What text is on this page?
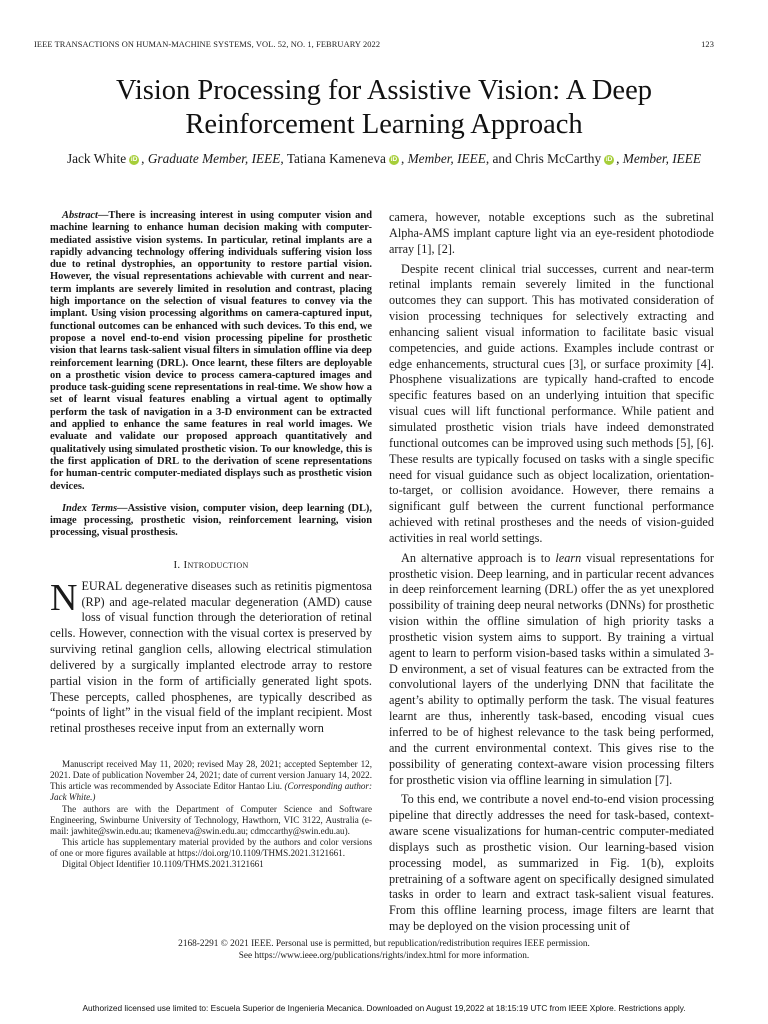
IEEE TRANSACTIONS ON HUMAN-MACHINE SYSTEMS, VOL. 52, NO. 1, FEBRUARY 2022	123
Vision Processing for Assistive Vision: A Deep
Reinforcement Learning Approach
Jack White iD , Graduate Member, IEEE, Tatiana Kameneva iD , Member, IEEE, and Chris McCarthy iD , Member, IEEE

Abstract—There is increasing interest in using computer vision and machine learning to enhance human decision making with computer-mediated assistive vision systems. In particular, retinal implants are a rapidly advancing technology offering individuals suffering vision loss due to retinal dystrophies, an opportunity to restore partial vision. However, the visual representations achievable with current and near-term implants are severely limited in resolution and contrast, placing high importance on the selection of visual features to convey via the implant. Using vision processing algorithms on camera-captured input, functional outcomes can be enhanced with such devices. To this end, we propose a novel end-to-end vision processing pipeline for prosthetic vision that learns task-salient visual filters in simulation offline via deep reinforcement learning (DRL). Once learnt, these filters are deployable on a prosthetic vision device to process camera-captured images and produce task-guiding scene representations in real-time. We show how a set of learnt visual features enabling a virtual agent to optimally perform the task of navigation in a 3-D environment can be extracted and applied to enhance the same features in real world images. We evaluate and validate our proposed approach quantitatively and qualitatively using simulated prosthetic vision. To our knowledge, this is the first application of DRL to the derivation of scene representations for human-centric computer-mediated displays such as prosthetic vision devices.

Index Terms—Assistive vision, computer vision, deep learning (DL), image processing, prosthetic vision, reinforcement learning, vision processing, visual prosthesis.

I. Introduction

NEURAL degenerative diseases such as retinitis pigmentosa (RP) and age-related macular degeneration (AMD) cause loss of visual function through the deterioration of retinal cells. However, connection with the visual cortex is preserved by surviving retinal ganglion cells, allowing electrical stimulation delivered by a surgically implanted electrode array to restore partial vision in the form of artificially generated light spots. These percepts, called phosphenes, are typically described as “points of light” in the visual field of the implant recipient. Most retinal prostheses receive input from an externally worn

Manuscript received May 11, 2020; revised May 28, 2021; accepted September 12, 2021. Date of publication November 24, 2021; date of current version January 14, 2022. This article was recommended by Associate Editor Hantao Liu. (Corresponding author: Jack White.)

The authors are with the Department of Computer Science and Software Engineering, Swinburne University of Technology, Hawthorn, VIC 3122, Australia (e-mail: jawhite@swin.edu.au; tkameneva@swin.edu.au; cdmccarthy@swin.edu.au).

This article has supplementary material provided by the authors and color versions of one or more figures available at https://doi.org/10.1109/THMS.2021.3121661.

Digital Object Identifier 10.1109/THMS.2021.3121661

camera, however, notable exceptions such as the subretinal Alpha-AMS implant capture light via an eye-resident photodiode array [1], [2].

Despite recent clinical trial successes, current and near-term retinal implants remain severely limited in the functional outcomes they can support. This has motivated consideration of vision processing techniques for selectively extracting and enhancing salient visual information to facilitate basic visual competencies, and guide actions. Examples include contrast or edge enhancements, structural cues [3], or surface proximity [4]. Phosphene visualizations are typically hand-crafted to encode specific features based on an underlying intuition that specific visual cues will lift functional performance. While patient and simulated prosthetic vision trials have indeed demonstrated functional outcomes can be improved using such methods [5], [6]. These results are typically focused on tasks with a single specific need for visual guidance such as object localization, orientation-to-target, or collision avoidance. However, there remains a significant gulf between the current functional performance achieved with retinal prostheses and the needs of vision-guided activities in real world settings.

An alternative approach is to learn visual representations for prosthetic vision. Deep learning, and in particular recent advances in deep reinforcement learning (DRL) offer the as yet unexplored possibility of training deep neural networks (DNNs) for prosthetic vision within the offline simulation of high priority tasks a prosthetic vision system aims to support. By training a virtual agent to learn to perform vision-based tasks within a simulated 3-D environment, a set of visual features can be extracted from the convolutional layers of the underlying DNN that facilitate the agent’s ability to optimally perform the task. The visual features learnt are thus, inherently task-based, encoding visual cues inferred to be of highest relevance to the task being performed, and the current environmental context. This gives rise to the possibility of generating context-aware vision processing filters for prosthetic vision via offline learning in simulation [7].

To this end, we contribute a novel end-to-end vision processing pipeline that directly addresses the need for task-based, context-aware scene visualizations for human-centric computer-mediated displays such as prosthetic vision. Our learning-based vision processing model, as summarized in Fig. 1(b), exploits pretraining of a software agent on specifically designed simulated tasks in order to learn and extract task-salient visual features. From this offline learning process, image filters are learnt that may be deployed on the vision processing unit of

2168-2291 © 2021 IEEE. Personal use is permitted, but republication/redistribution requires IEEE permission.
See https://www.ieee.org/publications/rights/index.html for more information.
Authorized licensed use limited to: Escuela Superior de Ingenieria Mecanica. Downloaded on August 19,2022 at 18:15:19 UTC from IEEE Xplore. Restrictions apply.
